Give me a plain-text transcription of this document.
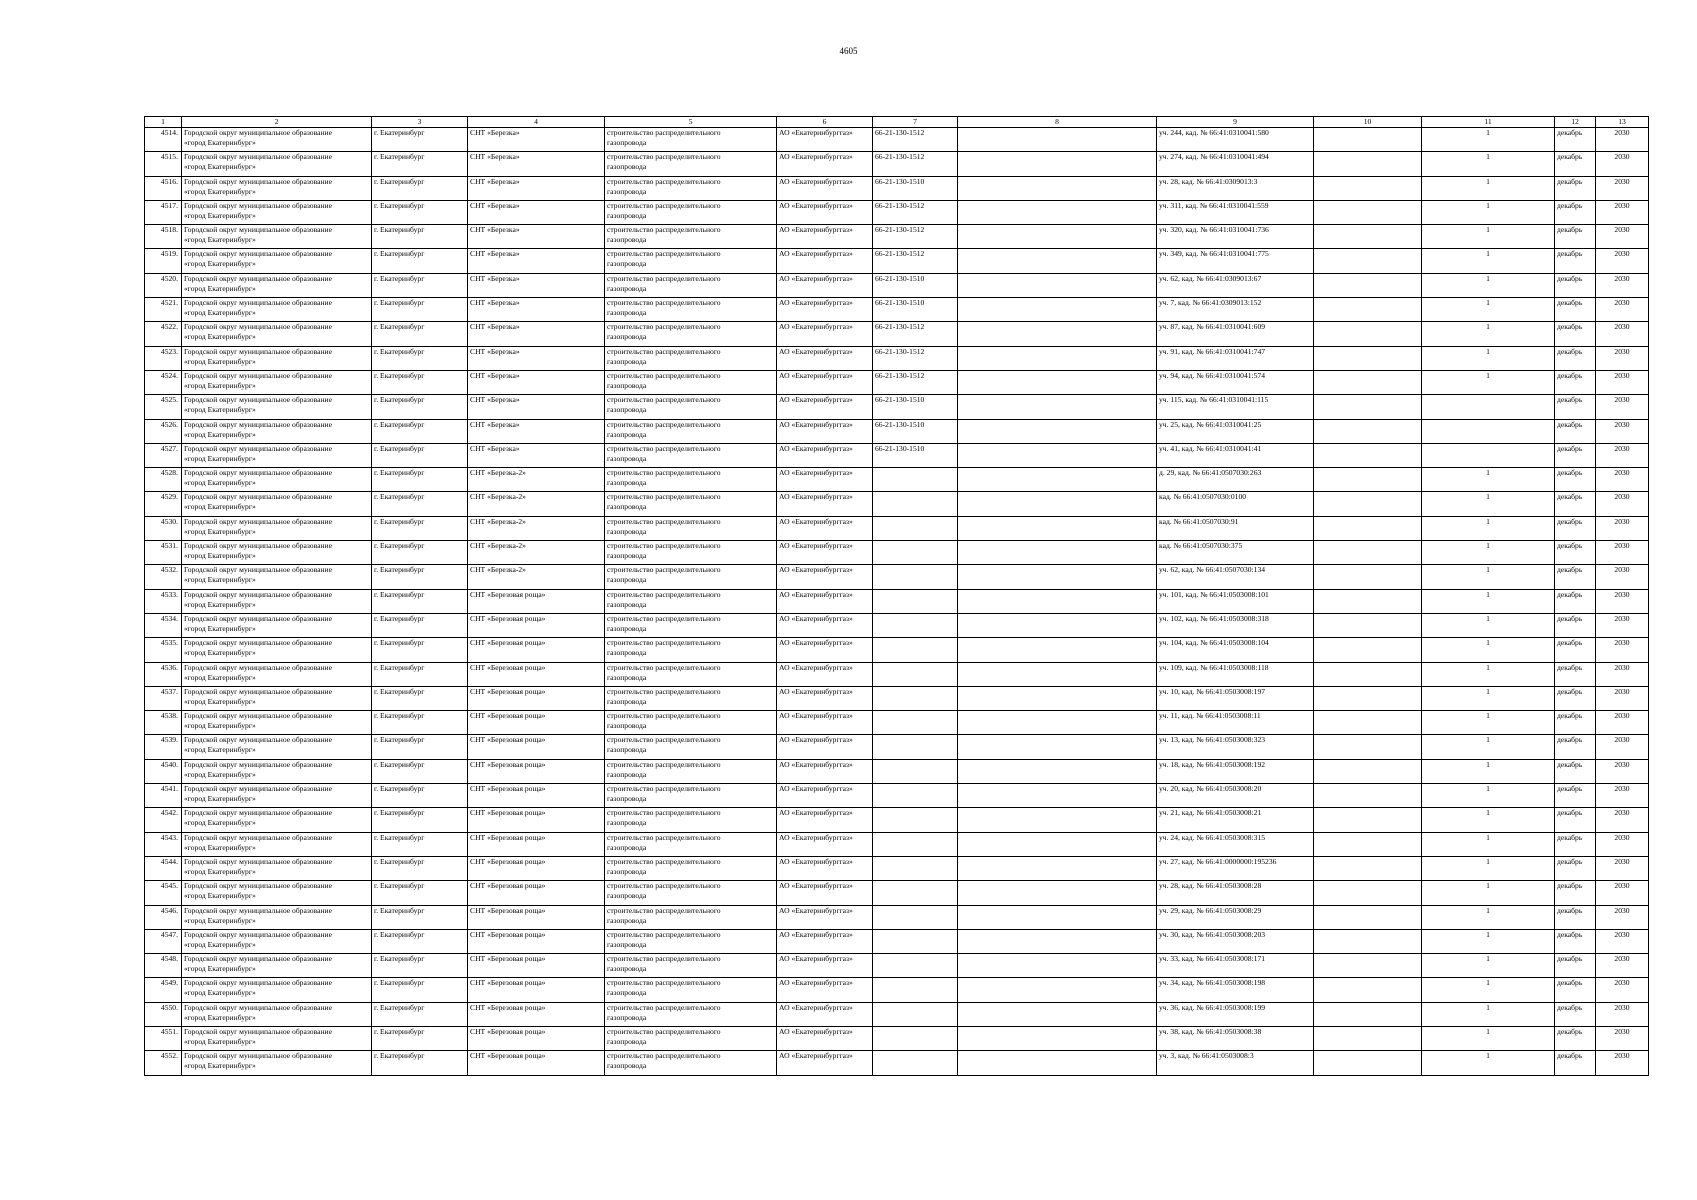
4605
1	2	3	4	5	6	7	8	9	10	11	12	13
4514.	Городской округ муниципальное образование
«город Екатеринбург»	г. Екатеринбург	СНТ «Березка»	строительство распределительного
газопровода	АО «Екатеринбурггаз»	66-21-130-1512		уч. 244, кад. № 66:41:0310041:580		1	декабрь	2030
4515.	Городской округ муниципальное образование
«город Екатеринбург»	г. Екатеринбург	СНТ «Березка»	строительство распределительного
газопровода	АО «Екатеринбурггаз»	66-21-130-1512		уч. 274, кад. № 66:41:0310041:494		1	декабрь	2030
4516.	Городской округ муниципальное образование
«город Екатеринбург»	г. Екатеринбург	СНТ «Березка»	строительство распределительного
газопровода	АО «Екатеринбурггаз»	66-21-130-1510		уч. 28, кад. № 66:41:0309013:3		1	декабрь	2030
4517.	Городской округ муниципальное образование
«город Екатеринбург»	г. Екатеринбург	СНТ «Березка»	строительство распределительного
газопровода	АО «Екатеринбурггаз»	66-21-130-1512		уч. 311, кад. № 66:41:0310041:559		1	декабрь	2030
4518.	Городской округ муниципальное образование
«город Екатеринбург»	г. Екатеринбург	СНТ «Березка»	строительство распределительного
газопровода	АО «Екатеринбурггаз»	66-21-130-1512		уч. 320, кад. № 66:41:0310041:736		1	декабрь	2030
4519.	Городской округ муниципальное образование
«город Екатеринбург»	г. Екатеринбург	СНТ «Березка»	строительство распределительного
газопровода	АО «Екатеринбурггаз»	66-21-130-1512		уч. 349, кад. № 66:41:0310041:775		1	декабрь	2030
4520.	Городской округ муниципальное образование
«город Екатеринбург»	г. Екатеринбург	СНТ «Березка»	строительство распределительного
газопровода	АО «Екатеринбурггаз»	66-21-130-1510		уч. 62, кад. № 66:41:0309013:67		1	декабрь	2030
4521.	Городской округ муниципальное образование
«город Екатеринбург»	г. Екатеринбург	СНТ «Березка»	строительство распределительного
газопровода	АО «Екатеринбурггаз»	66-21-130-1510		уч. 7, кад. № 66:41:0309013:152		1	декабрь	2030
4522.	Городской округ муниципальное образование
«город Екатеринбург»	г. Екатеринбург	СНТ «Березка»	строительство распределительного
газопровода	АО «Екатеринбурггаз»	66-21-130-1512		уч. 87, кад. № 66:41:0310041:609		1	декабрь	2030
4523.	Городской округ муниципальное образование
«город Екатеринбург»	г. Екатеринбург	СНТ «Березка»	строительство распределительного
газопровода	АО «Екатеринбурггаз»	66-21-130-1512		уч. 91, кад. № 66:41:0310041:747		1	декабрь	2030
4524.	Городской округ муниципальное образование
«город Екатеринбург»	г. Екатеринбург	СНТ «Березка»	строительство распределительного
газопровода	АО «Екатеринбурггаз»	66-21-130-1512		уч. 94, кад. № 66:41:0310041:574		1	декабрь	2030
4525.	Городской округ муниципальное образование
«город Екатеринбург»	г. Екатеринбург	СНТ «Березка»	строительство распределительного
газопровода	АО «Екатеринбурггаз»	66-21-130-1510		уч. 115, кад. № 66:41:0310041:115			декабрь	2030
4526.	Городской округ муниципальное образование
«город Екатеринбург»	г. Екатеринбург	СНТ «Березка»	строительство распределительного
газопровода	АО «Екатеринбурггаз»	66-21-130-1510		уч. 25, кад. № 66:41:0310041:25			декабрь	2030
4527.	Городской округ муниципальное образование
«город Екатеринбург»	г. Екатеринбург	СНТ «Березка»	строительство распределительного
газопровода	АО «Екатеринбурггаз»	66-21-130-1510		уч. 41, кад. № 66:41:0310041:41			декабрь	2030
4528.	Городской округ муниципальное образование
«город Екатеринбург»	г. Екатеринбург	СНТ «Березка-2»	строительство распределительного
газопровода	АО «Екатеринбурггаз»			д. 29, кад. № 66:41:0507030:263		1	декабрь	2030
4529.	Городской округ муниципальное образование
«город Екатеринбург»	г. Екатеринбург	СНТ «Березка-2»	строительство распределительного
газопровода	АО «Екатеринбурггаз»			кад. № 66:41:0507030:0100		1	декабрь	2030
4530.	Городской округ муниципальное образование
«город Екатеринбург»	г. Екатеринбург	СНТ «Березка-2»	строительство распределительного
газопровода	АО «Екатеринбурггаз»			кад. № 66:41:0507030:91		1	декабрь	2030
4531.	Городской округ муниципальное образование
«город Екатеринбург»	г. Екатеринбург	СНТ «Березка-2»	строительство распределительного
газопровода	АО «Екатеринбурггаз»			кад. № 66:41:0507030:375		1	декабрь	2030
4532.	Городской округ муниципальное образование
«город Екатеринбург»	г. Екатеринбург	СНТ «Березка-2»	строительство распределительного
газопровода	АО «Екатеринбурггаз»			уч. 62, кад. № 66:41:0507030:134		1	декабрь	2030
4533.	Городской округ муниципальное образование
«город Екатеринбург»	г. Екатеринбург	СНТ «Березовая роща»	строительство распределительного
газопровода	АО «Екатеринбурггаз»			уч. 101, кад. № 66:41:0503008:101		1	декабрь	2030
4534.	Городской округ муниципальное образование
«город Екатеринбург»	г. Екатеринбург	СНТ «Березовая роща»	строительство распределительного
газопровода	АО «Екатеринбурггаз»			уч. 102, кад. № 66:41:0503008:318		1	декабрь	2030
4535.	Городской округ муниципальное образование
«город Екатеринбург»	г. Екатеринбург	СНТ «Березовая роща»	строительство распределительного
газопровода	АО «Екатеринбурггаз»			уч. 104, кад. № 66:41:0503008:104		1	декабрь	2030
4536.	Городской округ муниципальное образование
«город Екатеринбург»	г. Екатеринбург	СНТ «Березовая роща»	строительство распределительного
газопровода	АО «Екатеринбурггаз»			уч. 109, кад. № 66:41:0503008:118		1	декабрь	2030
4537.	Городской округ муниципальное образование
«город Екатеринбург»	г. Екатеринбург	СНТ «Березовая роща»	строительство распределительного
газопровода	АО «Екатеринбурггаз»			уч. 10, кад. № 66:41:0503008:197		1	декабрь	2030
4538.	Городской округ муниципальное образование
«город Екатеринбург»	г. Екатеринбург	СНТ «Березовая роща»	строительство распределительного
газопровода	АО «Екатеринбурггаз»			уч. 11, кад. № 66:41:0503008:11		1	декабрь	2030
4539.	Городской округ муниципальное образование
«город Екатеринбург»	г. Екатеринбург	СНТ «Березовая роща»	строительство распределительного
газопровода	АО «Екатеринбурггаз»			уч. 13, кад. № 66:41:0503008:323		1	декабрь	2030
4540.	Городской округ муниципальное образование
«город Екатеринбург»	г. Екатеринбург	СНТ «Березовая роща»	строительство распределительного
газопровода	АО «Екатеринбурггаз»			уч. 18, кад. № 66:41:0503008:192		1	декабрь	2030
4541.	Городской округ муниципальное образование
«город Екатеринбург»	г. Екатеринбург	СНТ «Березовая роща»	строительство распределительного
газопровода	АО «Екатеринбурггаз»			уч. 20, кад. № 66:41:0503008:20		1	декабрь	2030
4542.	Городской округ муниципальное образование
«город Екатеринбург»	г. Екатеринбург	СНТ «Березовая роща»	строительство распределительного
газопровода	АО «Екатеринбурггаз»			уч. 21, кад. № 66:41:0503008:21		1	декабрь	2030
4543.	Городской округ муниципальное образование
«город Екатеринбург»	г. Екатеринбург	СНТ «Березовая роща»	строительство распределительного
газопровода	АО «Екатеринбурггаз»			уч. 24, кад. № 66:41:0503008:315		1	декабрь	2030
4544.	Городской округ муниципальное образование
«город Екатеринбург»	г. Екатеринбург	СНТ «Березовая роща»	строительство распределительного
газопровода	АО «Екатеринбурггаз»			уч. 27, кад. № 66:41:0000000:195236		1	декабрь	2030
4545.	Городской округ муниципальное образование
«город Екатеринбург»	г. Екатеринбург	СНТ «Березовая роща»	строительство распределительного
газопровода	АО «Екатеринбурггаз»			уч. 28, кад. № 66:41:0503008:28		1	декабрь	2030
4546.	Городской округ муниципальное образование
«город Екатеринбург»	г. Екатеринбург	СНТ «Березовая роща»	строительство распределительного
газопровода	АО «Екатеринбурггаз»			уч. 29, кад. № 66:41:0503008:29		1	декабрь	2030
4547.	Городской округ муниципальное образование
«город Екатеринбург»	г. Екатеринбург	СНТ «Березовая роща»	строительство распределительного
газопровода	АО «Екатеринбурггаз»			уч. 30, кад. № 66:41:0503008:203		1	декабрь	2030
4548.	Городской округ муниципальное образование
«город Екатеринбург»	г. Екатеринбург	СНТ «Березовая роща»	строительство распределительного
газопровода	АО «Екатеринбурггаз»			уч. 33, кад. № 66:41:0503008:171		1	декабрь	2030
4549.	Городской округ муниципальное образование
«город Екатеринбург»	г. Екатеринбург	СНТ «Березовая роща»	строительство распределительного
газопровода	АО «Екатеринбурггаз»			уч. 34, кад. № 66:41:0503008:198		1	декабрь	2030
4550.	Городской округ муниципальное образование
«город Екатеринбург»	г. Екатеринбург	СНТ «Березовая роща»	строительство распределительного
газопровода	АО «Екатеринбурггаз»			уч. 36, кад. № 66:41:0503008:199		1	декабрь	2030
4551.	Городской округ муниципальное образование
«город Екатеринбург»	г. Екатеринбург	СНТ «Березовая роща»	строительство распределительного
газопровода	АО «Екатеринбурггаз»			уч. 38, кад. № 66:41:0503008:38		1	декабрь	2030
4552.	Городской округ муниципальное образование
«город Екатеринбург»	г. Екатеринбург	СНТ «Березовая роща»	строительство распределительного
газопровода	АО «Екатеринбурггаз»			уч. 3, кад. № 66:41:0503008:3		1	декабрь	2030
